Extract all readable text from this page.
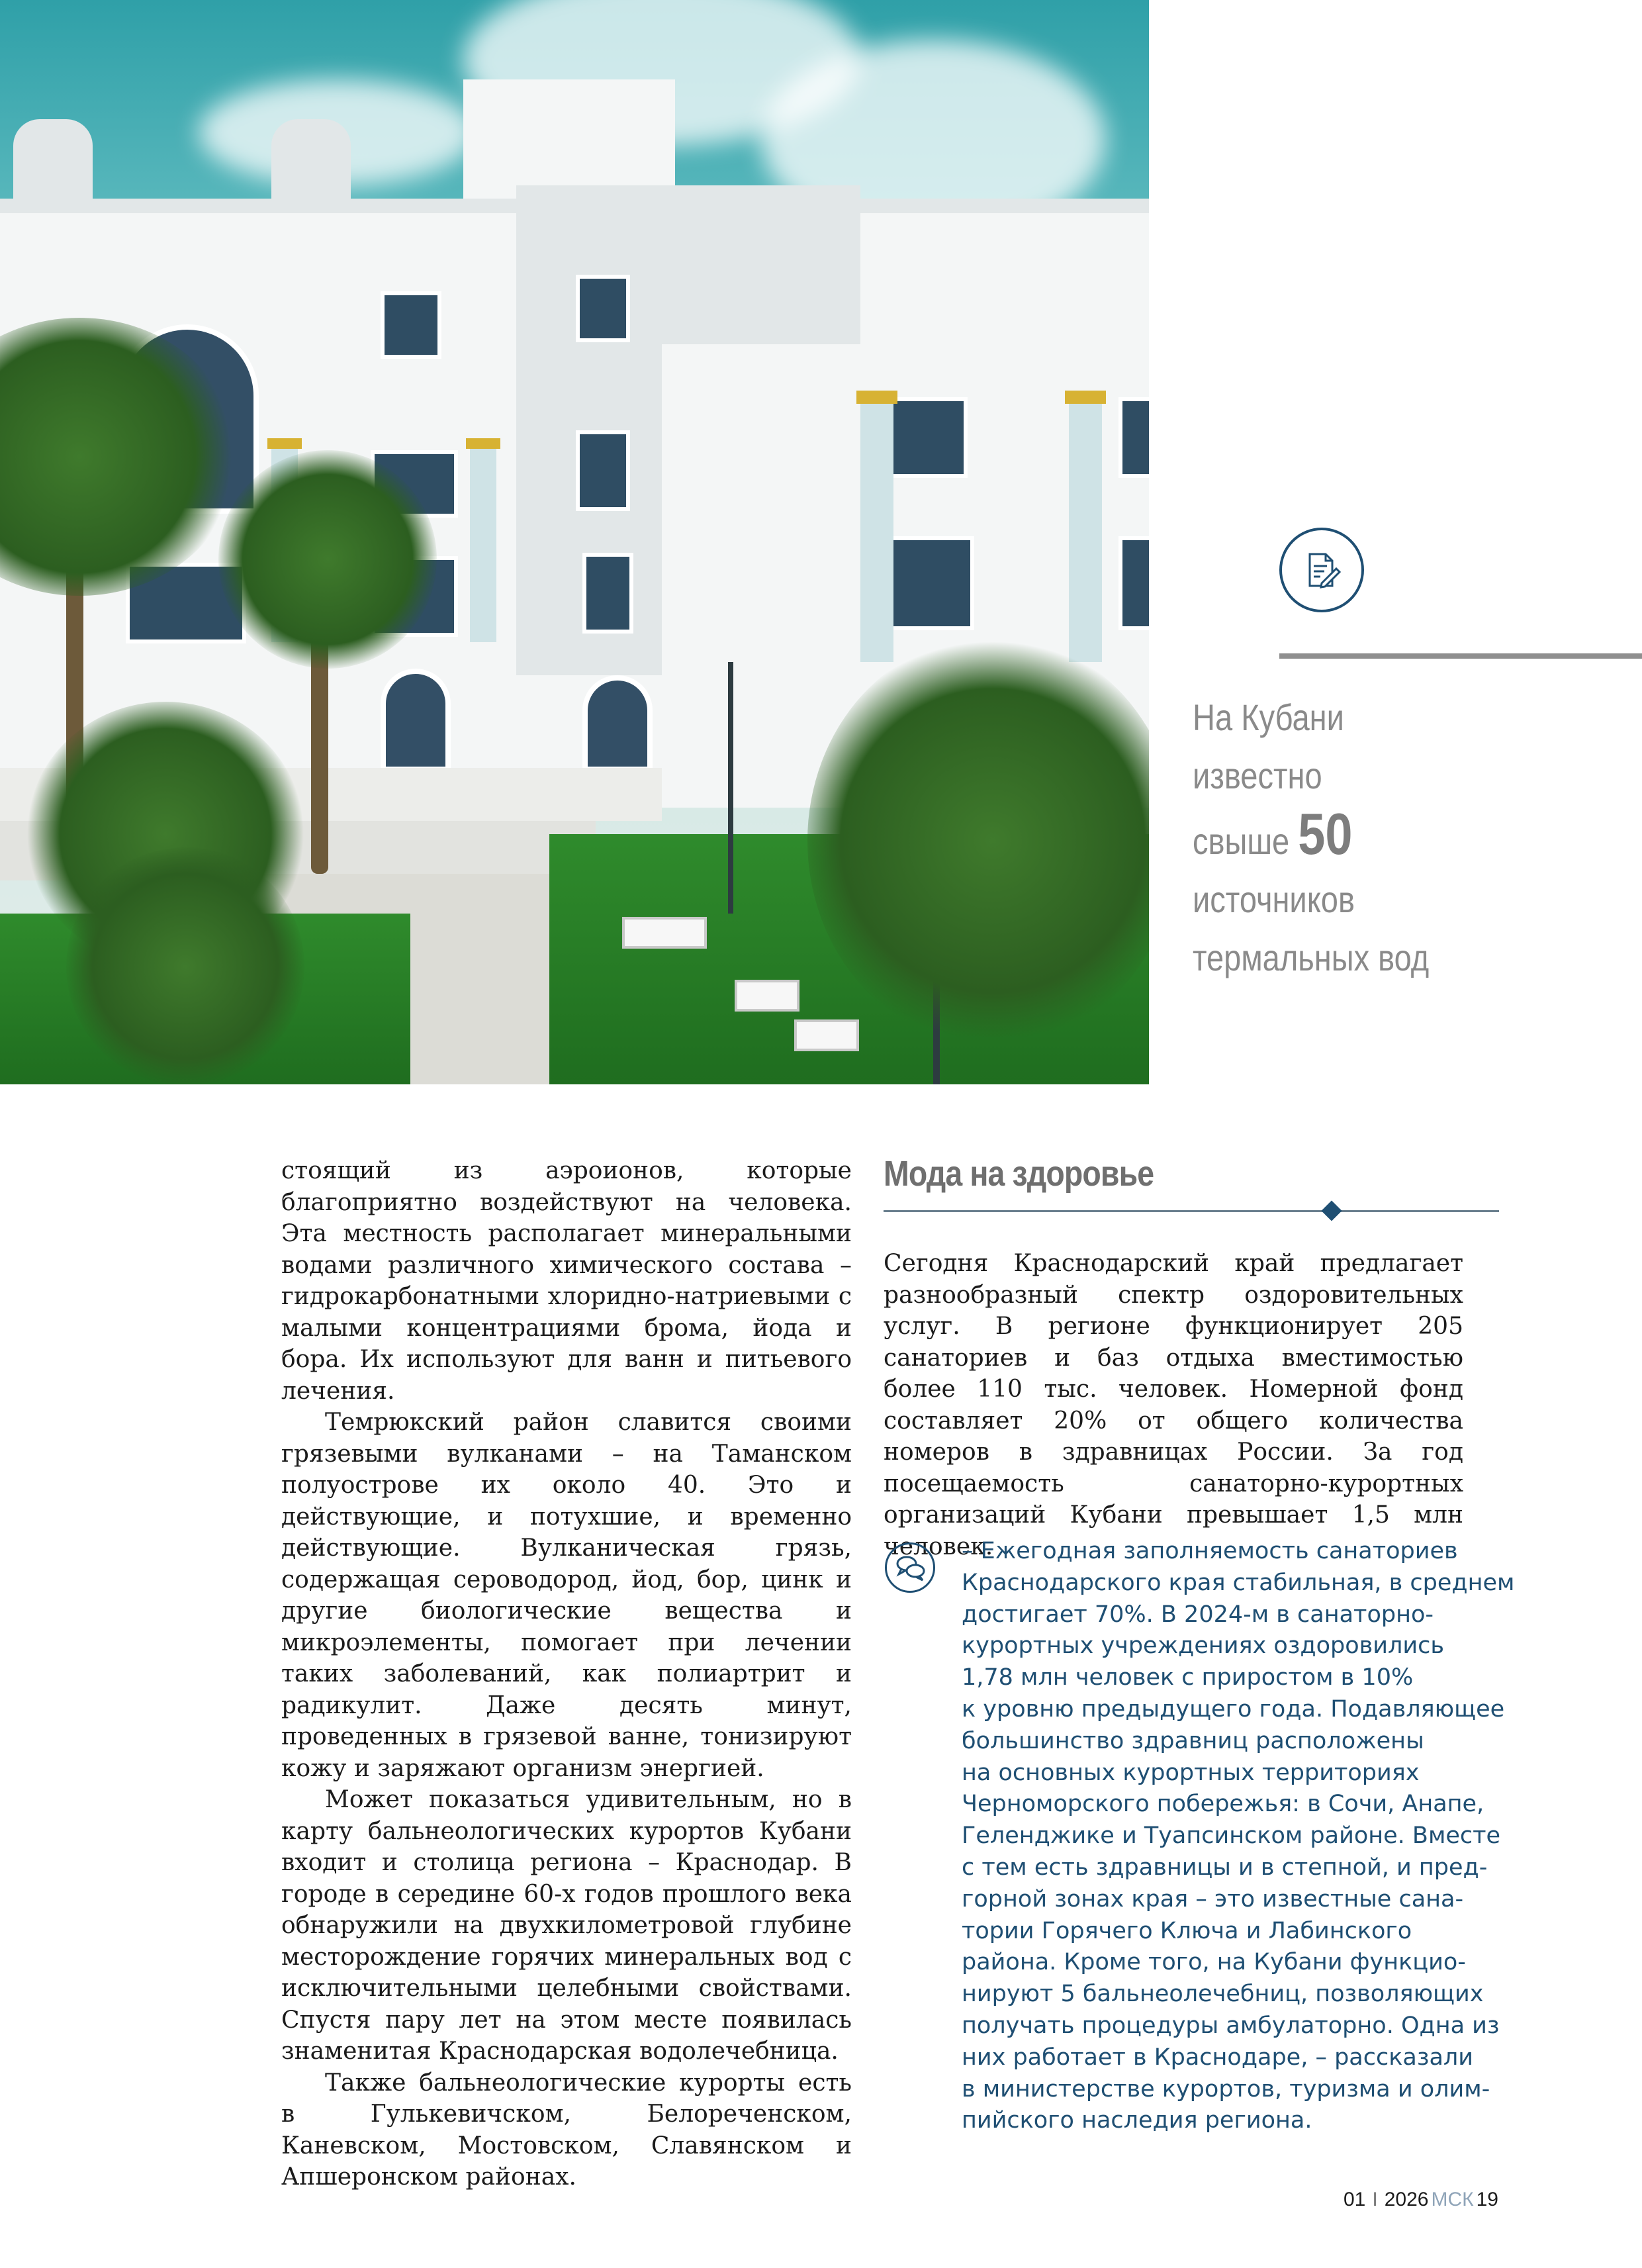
На Кубани
известно
свыше 50
источников
термальных вод

стоящий из аэроионов, которые благоприятно воздействуют на человека. Эта местность располагает минеральными водами различного химического состава – гидрокарбонатными хлоридно-натриевыми с малыми концентрациями брома, йода и бора. Их используют для ванн и питьевого лечения.

Темрюкский район славится своими грязевыми вулканами – на Таманском полуострове их около 40. Это и действующие, и потухшие, и временно действующие. Вулканическая грязь, содержащая сероводород, йод, бор, цинк и другие биологические вещества и микроэлементы, помогает при лечении таких заболеваний, как полиартрит и радикулит. Даже десять минут, проведенных в грязевой ванне, тонизируют кожу и заряжают организм энергией.

Может показаться удивительным, но в карту бальнеологических курортов Кубани входит и столица региона – Краснодар. В городе в середине 60-х годов прошлого века обнаружили на двухкилометровой глубине месторождение горячих минеральных вод с исключительными целебными свойствами. Спустя пару лет на этом месте появилась знаменитая Краснодарская водолечебница.

Также бальнеологические курорты есть в Гулькевичском, Белореченском, Каневском, Мостовском, Славянском и Апшеронском районах.

Мода на здоровье

Сегодня Краснодарский край предлагает разнообразный спектр оздоровительных услуг. В регионе функционирует 205 санаториев и баз отдыха вместимостью более 110 тыс. человек. Номерной фонд составляет 20% от общего количества номеров в здравницах России. За год посещаемость санаторно-курортных организаций Кубани превышает 1,5 млн человек.

– Ежегодная заполняемость санаториев

Краснодарского края стабильная, в среднем

достигает 70%. В 2024-м в санаторно-

курортных учреждениях оздоровились

1,78 млн человек с приростом в 10%

к уровню предыдущего года. Подавляющее

большинство здравниц расположены

на основных курортных территориях

Черноморского побережья: в Сочи, Анапе,

Геленджике и Туапсинском районе. Вместе

с тем есть здравницы и в степной, и пред-

горной зонах края – это известные сана-

тории Горячего Ключа и Лабинского

района. Кроме того, на Кубани функцио-

нируют 5 бальнеолечебниц, позволяющих

получать процедуры амбулаторно. Одна из

них работает в Краснодаре, – рассказали

в министерстве курортов, туризма и олим-

пийского наследия региона.

01 I 2026 МСК 19
